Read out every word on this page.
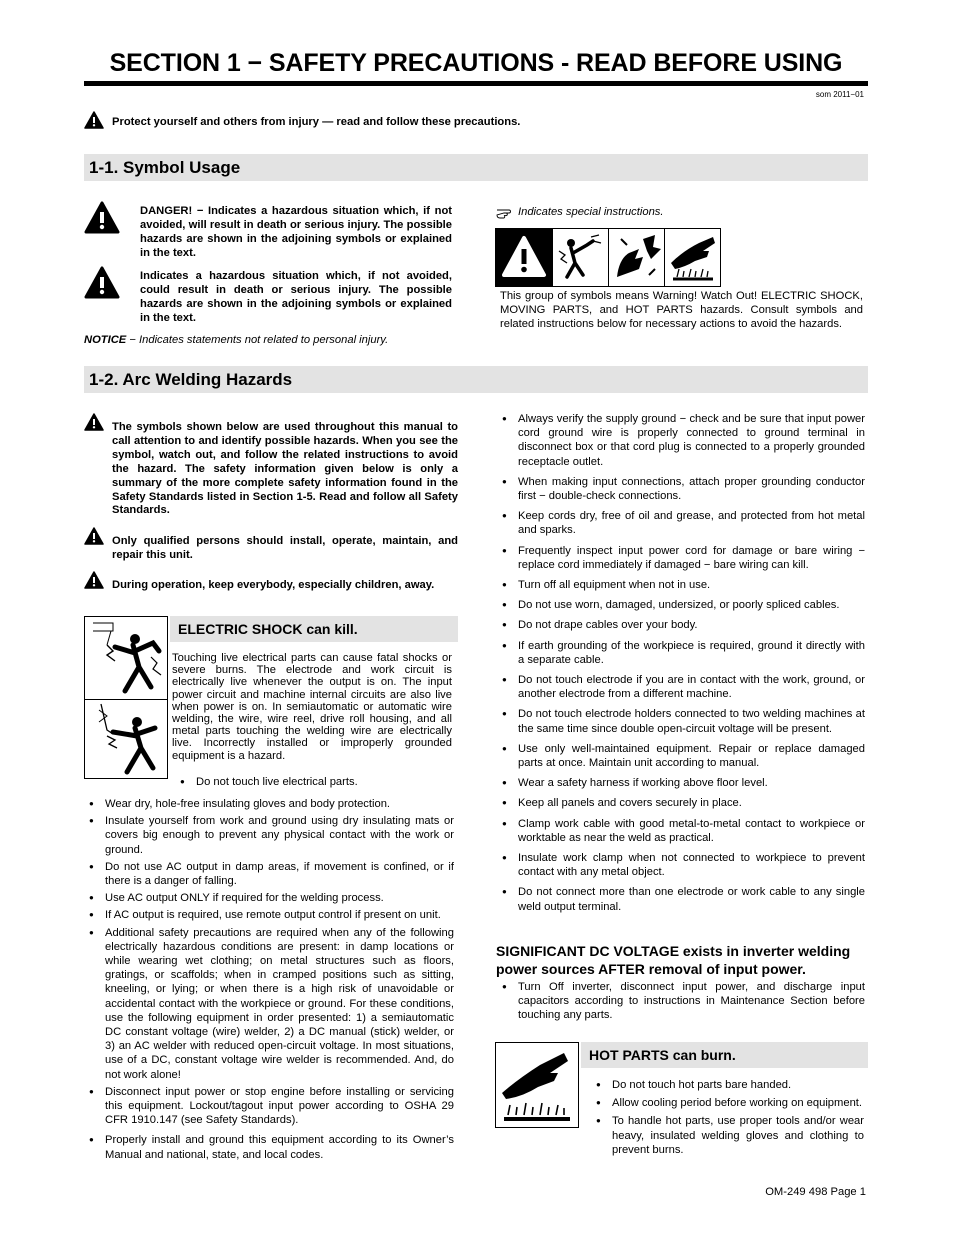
SECTION 1 − SAFETY PRECAUTIONS - READ BEFORE USING
som 2011−01
Protect yourself and others from injury — read and follow these precautions.
1-1. Symbol Usage
DANGER! − Indicates a hazardous situation which, if not avoided, will result in death or serious injury. The possible hazards are shown in the adjoining symbols or explained in the text.
Indicates a hazardous situation which, if not avoided, could result in death or serious injury. The possible hazards are shown in the adjoining symbols or explained in the text.
NOTICE − Indicates statements not related to personal injury.
Indicates special instructions.
This group of symbols means Warning! Watch Out! ELECTRIC SHOCK, MOVING PARTS, and HOT PARTS hazards. Consult symbols and related instructions below for necessary actions to avoid the hazards.
1-2. Arc Welding Hazards
The symbols shown below are used throughout this manual to call attention to and identify possible hazards. When you see the symbol, watch out, and follow the related instructions to avoid the hazard. The safety information given below is only a summary of the more complete safety information found in the Safety Standards listed in Section 1-5. Read and follow all Safety Standards.
Only qualified persons should install, operate, maintain, and repair this unit.
During operation, keep everybody, especially children, away.
ELECTRIC SHOCK can kill.
Touching live electrical parts can cause fatal shocks or severe burns. The electrode and work circuit is electrically live whenever the output is on. The input power circuit and machine internal circuits are also live when power is on. In semiautomatic or automatic wire welding, the wire, wire reel, drive roll housing, and all metal parts touching the welding wire are electrically live. Incorrectly installed or improperly grounded equipment is a hazard.
● Do not touch live electrical parts.
● Wear dry, hole-free insulating gloves and body protection.
● Insulate yourself from work and ground using dry insulating mats or covers big enough to prevent any physical contact with the work or ground.
● Do not use AC output in damp areas, if movement is confined, or if there is a danger of falling.
● Use AC output ONLY if required for the welding process.
● If AC output is required, use remote output control if present on unit.
● Additional safety precautions are required when any of the following electrically hazardous conditions are present: in damp locations or while wearing wet clothing; on metal structures such as floors, gratings, or scaffolds; when in cramped positions such as sitting, kneeling, or lying; or when there is a high risk of unavoidable or accidental contact with the workpiece or ground. For these conditions, use the following equipment in order presented: 1) a semiautomatic DC constant voltage (wire) welder, 2) a DC manual (stick) welder, or 3) an AC welder with reduced open-circuit voltage. In most situations, use of a DC, constant voltage wire welder is recommended. And, do not work alone!
● Disconnect input power or stop engine before installing or servicing this equipment. Lockout/tagout input power according to OSHA 29 CFR 1910.147 (see Safety Standards).
● Properly install and ground this equipment according to its Owner’s Manual and national, state, and local codes.
● Always verify the supply ground − check and be sure that input power cord ground wire is properly connected to ground terminal in disconnect box or that cord plug is connected to a properly grounded receptacle outlet.
● When making input connections, attach proper grounding conductor first − double-check connections.
● Keep cords dry, free of oil and grease, and protected from hot metal and sparks.
● Frequently inspect input power cord for damage or bare wiring − replace cord immediately if damaged − bare wiring can kill.
● Turn off all equipment when not in use.
● Do not use worn, damaged, undersized, or poorly spliced cables.
● Do not drape cables over your body.
● If earth grounding of the workpiece is required, ground it directly with a separate cable.
● Do not touch electrode if you are in contact with the work, ground, or another electrode from a different machine.
● Do not touch electrode holders connected to two welding machines at the same time since double open-circuit voltage will be present.
● Use only well-maintained equipment. Repair or replace damaged parts at once. Maintain unit according to manual.
● Wear a safety harness if working above floor level.
● Keep all panels and covers securely in place.
● Clamp work cable with good metal-to-metal contact to workpiece or worktable as near the weld as practical.
● Insulate work clamp when not connected to workpiece to prevent contact with any metal object.
● Do not connect more than one electrode or work cable to any single weld output terminal.
SIGNIFICANT DC VOLTAGE exists in inverter welding power sources AFTER removal of input power.
● Turn Off inverter, disconnect input power, and discharge input capacitors according to instructions in Maintenance Section before touching any parts.
HOT PARTS can burn.
● Do not touch hot parts bare handed.
● Allow cooling period before working on equipment.
● To handle hot parts, use proper tools and/or wear heavy, insulated welding gloves and clothing to prevent burns.
OM-249 498 Page 1
